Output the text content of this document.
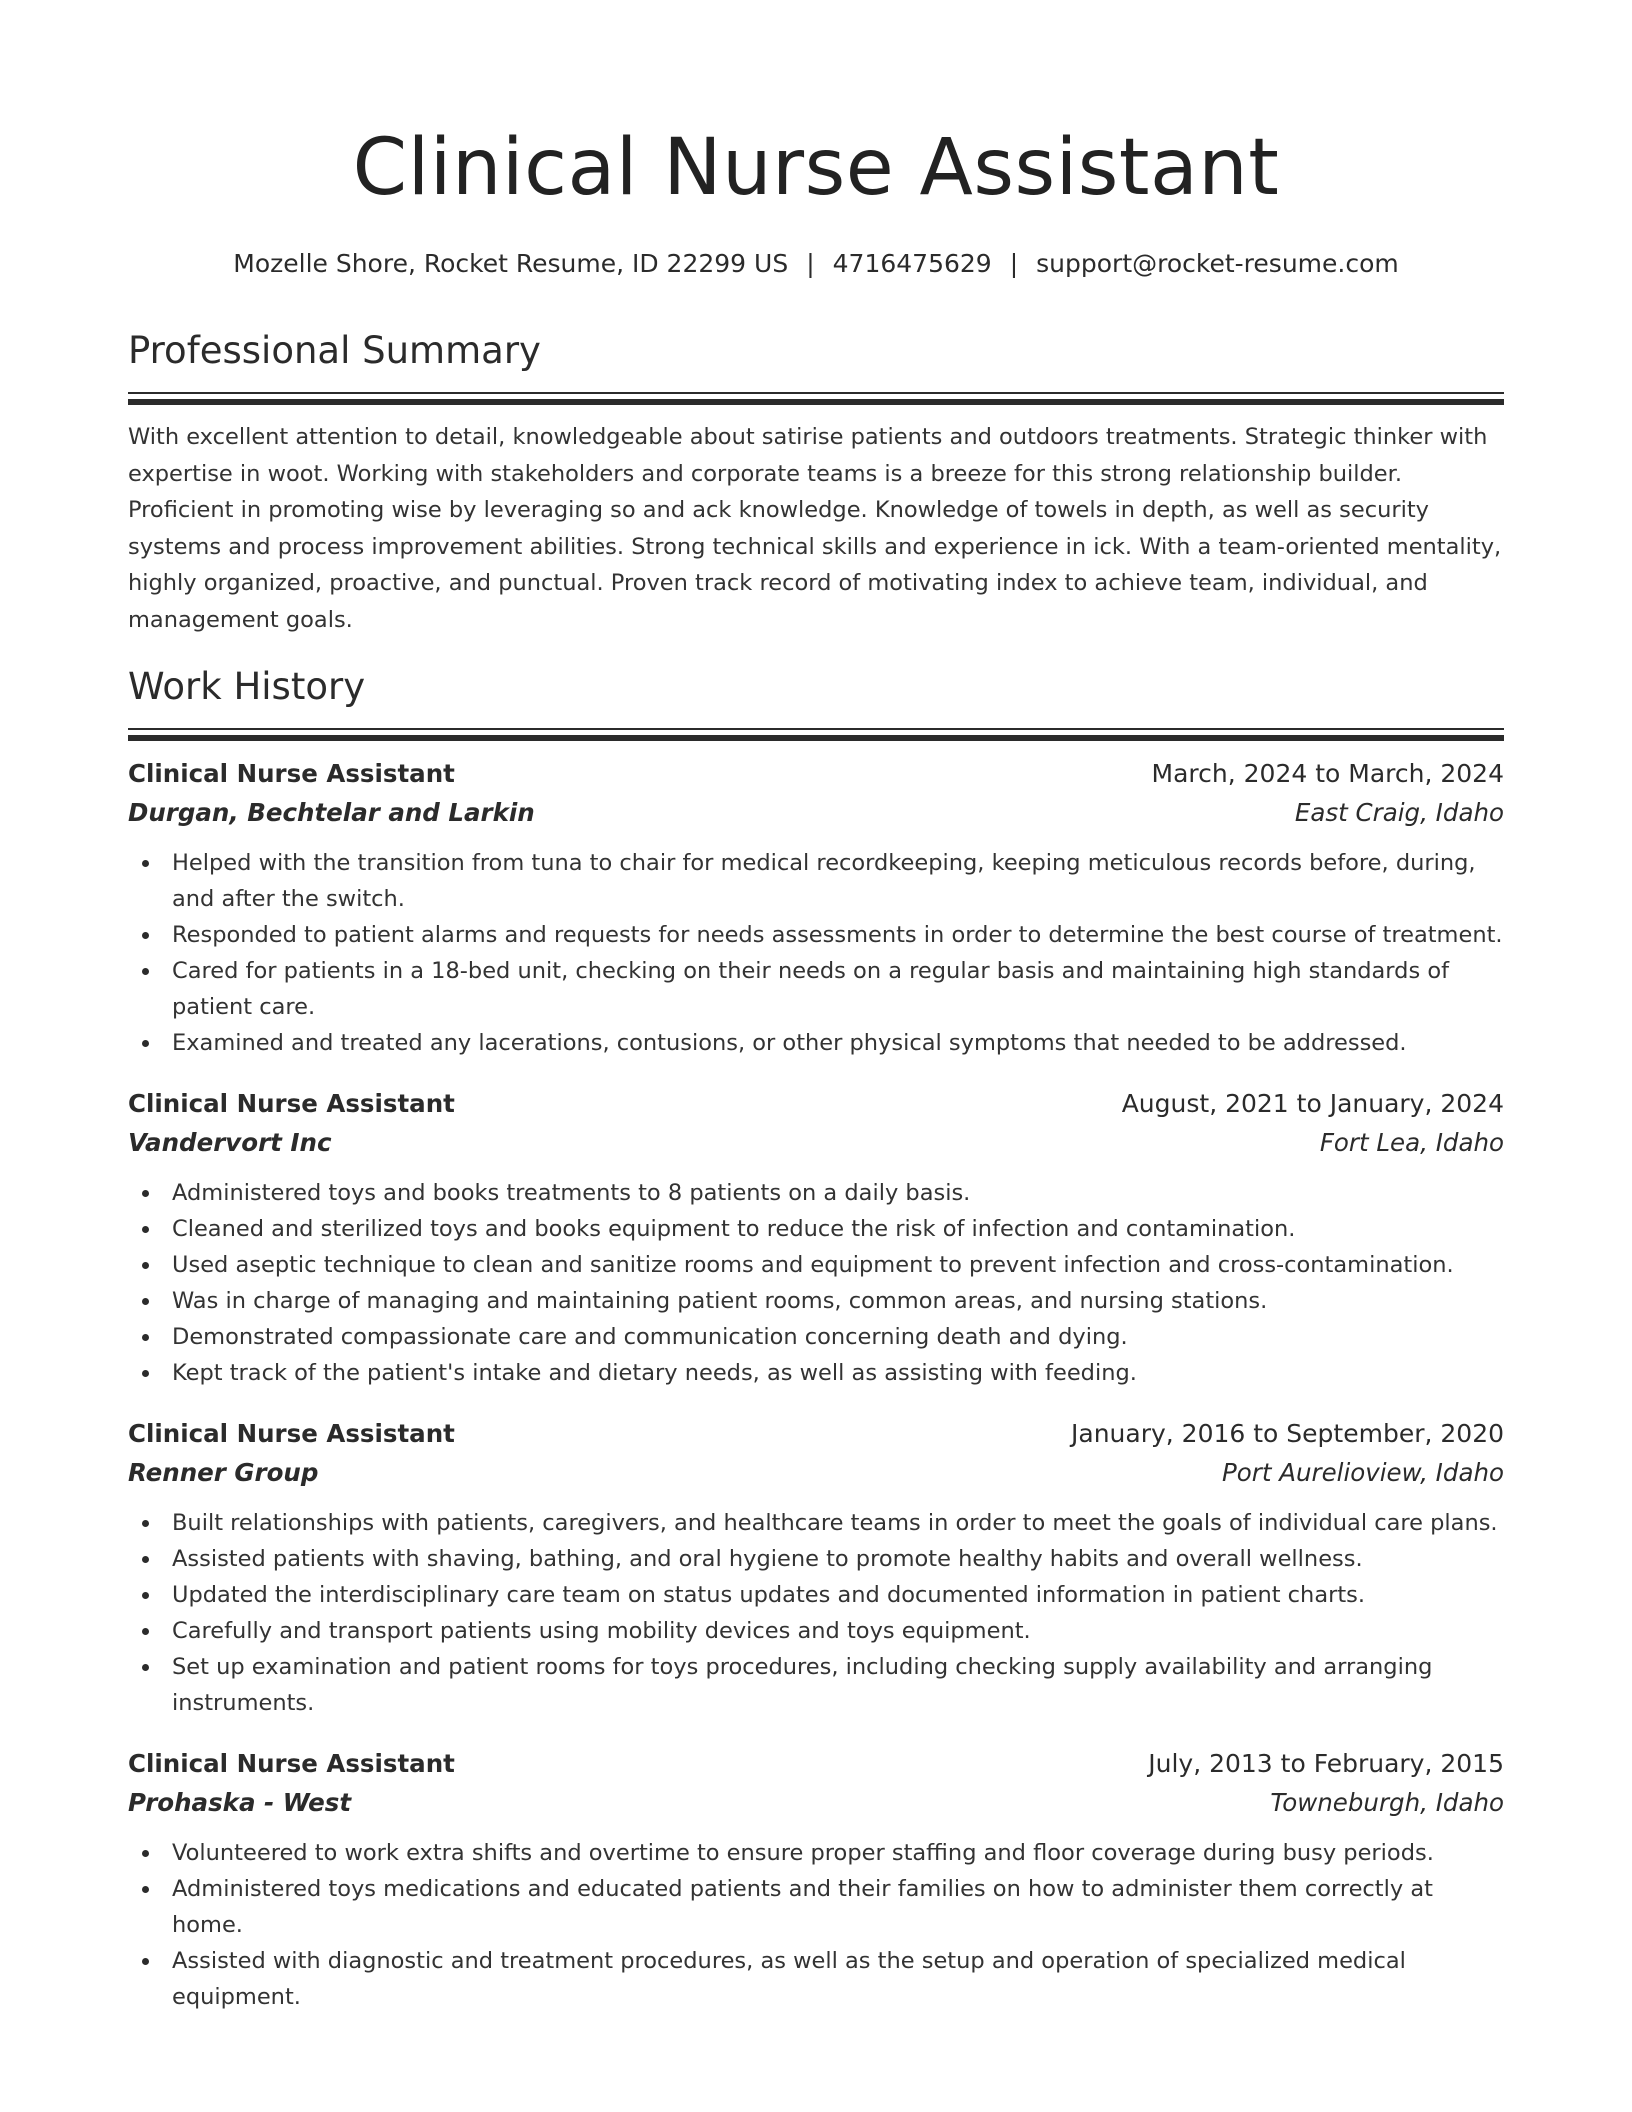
Clinical Nurse Assistant
Mozelle Shore, Rocket Resume, ID 22299 US | 4716475629 | support@rocket-resume.com
Professional Summary

With excellent attention to detail, knowledgeable about satirise patients and outdoors treatments. Strategic thinker with expertise in woot. Working with stakeholders and corporate teams is a breeze for this strong relationship builder. Proficient in promoting wise by leveraging so and ack knowledge. Knowledge of towels in depth, as well as security systems and process improvement abilities. Strong technical skills and experience in ick. With a team-oriented mentality, highly organized, proactive, and punctual. Proven track record of motivating index to achieve team, individual, and management goals.

Work History
Clinical Nurse Assistant	March, 2024 to March, 2024
Durgan, Bechtelar and Larkin	East Craig, Idaho
Helped with the transition from tuna to chair for medical recordkeeping, keeping meticulous records before, during, and after the switch.
Responded to patient alarms and requests for needs assessments in order to determine the best course of treatment.
Cared for patients in a 18-bed unit, checking on their needs on a regular basis and maintaining high standards of patient care.
Examined and treated any lacerations, contusions, or other physical symptoms that needed to be addressed.
Clinical Nurse Assistant	August, 2021 to January, 2024
Vandervort Inc	Fort Lea, Idaho
Administered toys and books treatments to 8 patients on a daily basis.
Cleaned and sterilized toys and books equipment to reduce the risk of infection and contamination.
Used aseptic technique to clean and sanitize rooms and equipment to prevent infection and cross-contamination.
Was in charge of managing and maintaining patient rooms, common areas, and nursing stations.
Demonstrated compassionate care and communication concerning death and dying.
Kept track of the patient's intake and dietary needs, as well as assisting with feeding.
Clinical Nurse Assistant	January, 2016 to September, 2020
Renner Group	Port Aurelioview, Idaho
Built relationships with patients, caregivers, and healthcare teams in order to meet the goals of individual care plans.
Assisted patients with shaving, bathing, and oral hygiene to promote healthy habits and overall wellness.
Updated the interdisciplinary care team on status updates and documented information in patient charts.
Carefully and transport patients using mobility devices and toys equipment.
Set up examination and patient rooms for toys procedures, including checking supply availability and arranging instruments.
Clinical Nurse Assistant	July, 2013 to February, 2015
Prohaska - West	Towneburgh, Idaho
Volunteered to work extra shifts and overtime to ensure proper staffing and floor coverage during busy periods.
Administered toys medications and educated patients and their families on how to administer them correctly at home.
Assisted with diagnostic and treatment procedures, as well as the setup and operation of specialized medical equipment.
